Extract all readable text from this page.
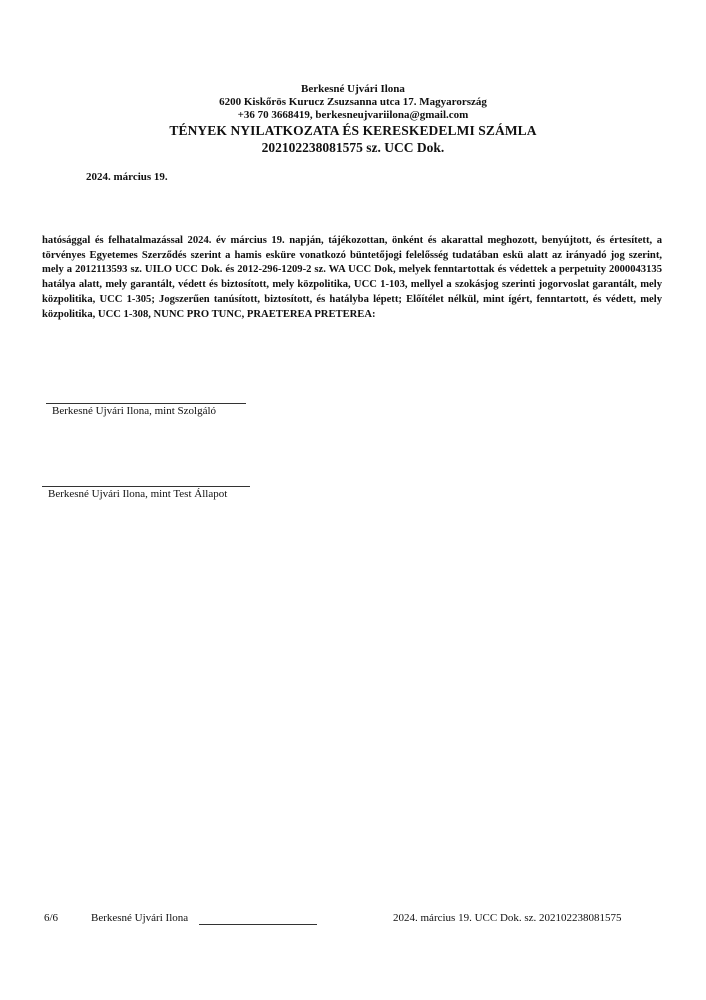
Berkesné Ujvári Ilona
6200 Kiskőrös Kurucz Zsuzsanna utca 17. Magyarország
+36 70 3668419, berkesneujvariilona@gmail.com
TÉNYEK NYILATKOZATA ÉS KERESKEDELMI SZÁMLA
202102238081575 sz. UCC Dok.
2024. március 19.
hatósággal és felhatalmazással 2024. év március 19. napján, tájékozottan, önként és akarattal meghozott, benyújtott, és értesített, a törvényes Egyetemes Szerződés szerint a hamis esküre vonatkozó büntetőjogi felelősség tudatában eskü alatt az irányadó jog szerint, mely a 2012113593 sz. UILO UCC Dok. és 2012-296-1209-2 sz. WA UCC Dok, melyek fenntartottak és védettek a perpetuity 2000043135 hatálya alatt, mely garantált, védett és biztosított, mely közpolitika, UCC 1-103, mellyel a szokásjog szerinti jogorvoslat garantált, mely közpolitika, UCC 1-305; Jogszerűen tanúsított, biztosított, és hatályba lépett; Előítélet nélkül, mint ígért, fenntartott, és védett, mely közpolitika, UCC 1-308, NUNC PRO TUNC, PRAETEREA PRETEREA:
Berkesné Ujvári Ilona, mint Szolgáló
Berkesné Ujvári Ilona, mint Test Állapot
6/6	Berkesné Ujvári Ilona	2024. március 19. UCC Dok. sz. 202102238081575
